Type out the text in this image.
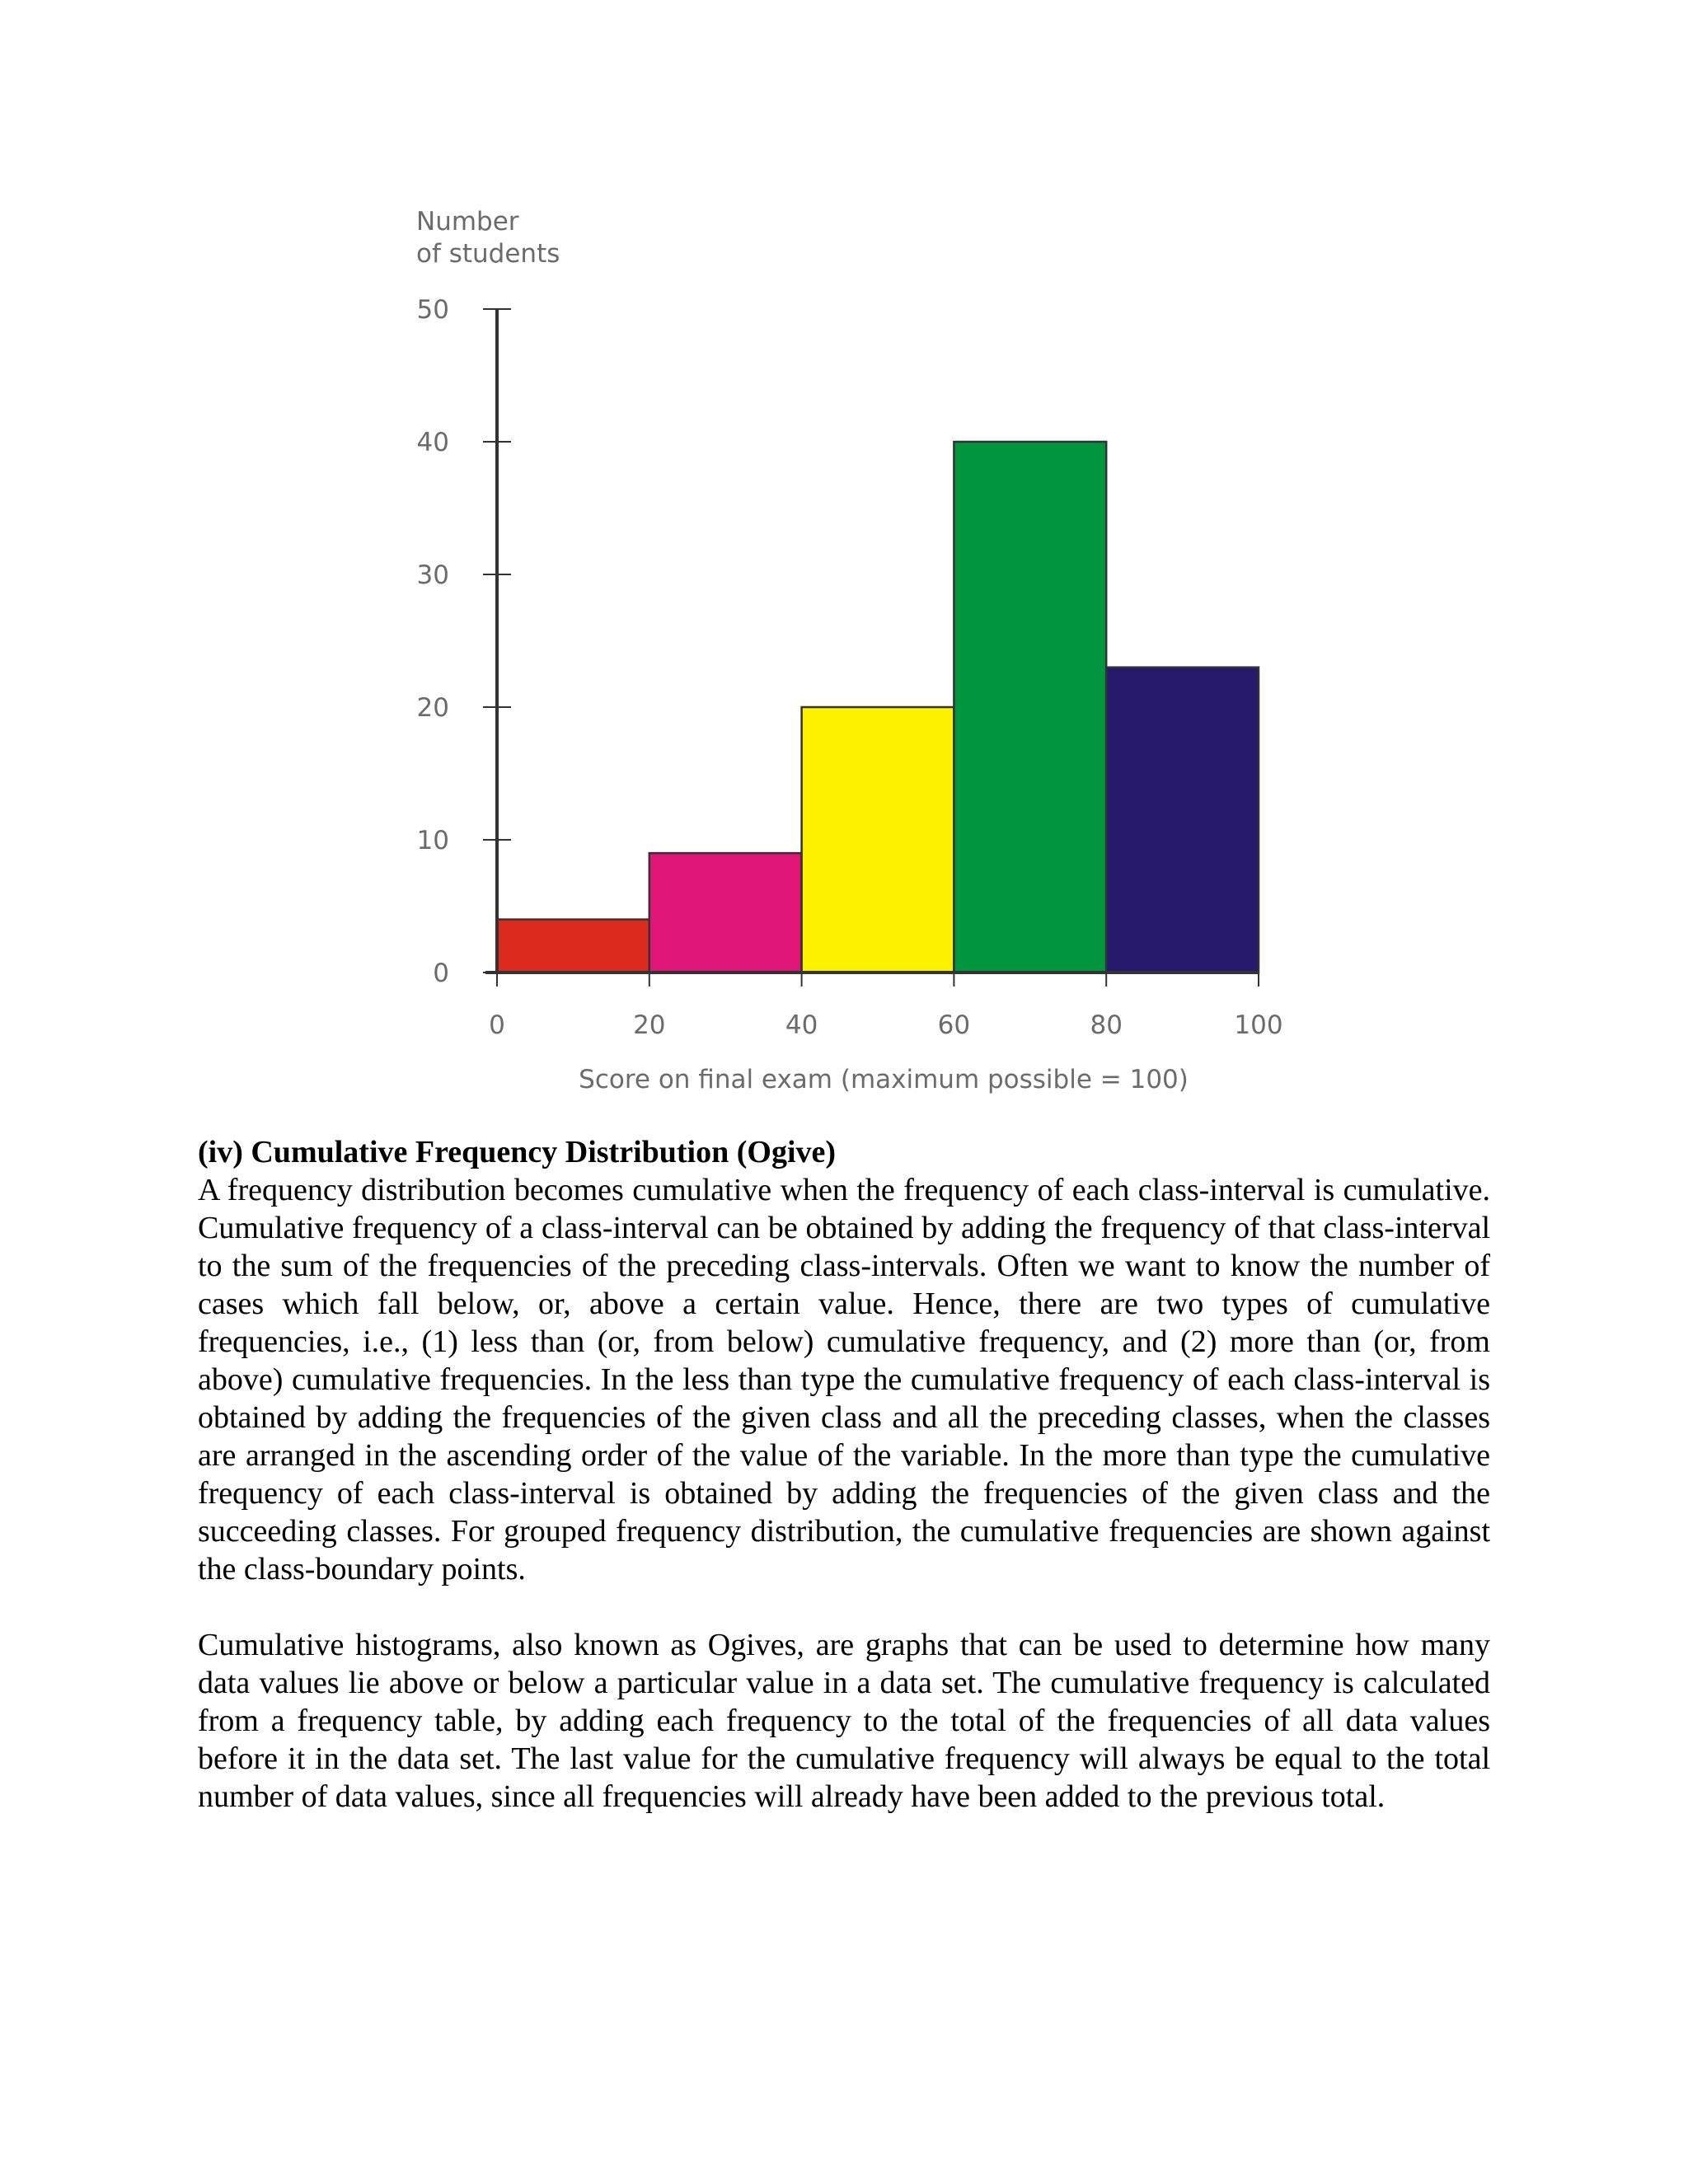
Number
of students
0
10
20
30
40
50
0	20	40	60	80	100
Score on final exam (maximum possible = 100)

(iv) Cumulative Frequency Distribution (Ogive)

A frequency distribution becomes cumulative when the frequency of each class-interval is cumulative. Cumulative frequency of a class-interval can be obtained by adding the frequency of that class-interval to the sum of the frequencies of the preceding class-intervals. Often we want to know the number of cases which fall below, or, above a certain value. Hence, there are two types of cumulative frequencies, i.e., (1) less than (or, from below) cumulative frequency, and (2) more than (or, from above) cumulative frequencies. In the less than type the cumulative frequency of each class-interval is obtained by adding the frequencies of the given class and all the preceding classes, when the classes are arranged in the ascending order of the value of the variable. In the more than type the cumulative frequency of each class-interval is obtained by adding the frequencies of the given class and the succeeding classes. For grouped frequency distribution, the cumulative frequencies are shown against the class-boundary points.

Cumulative histograms, also known as Ogives, are graphs that can be used to determine how many data values lie above or below a particular value in a data set. The cumulative frequency is calculated from a frequency table, by adding each frequency to the total of the frequencies of all data values before it in the data set. The last value for the cumulative frequency will always be equal to the total number of data values, since all frequencies will already have been added to the previous total.
